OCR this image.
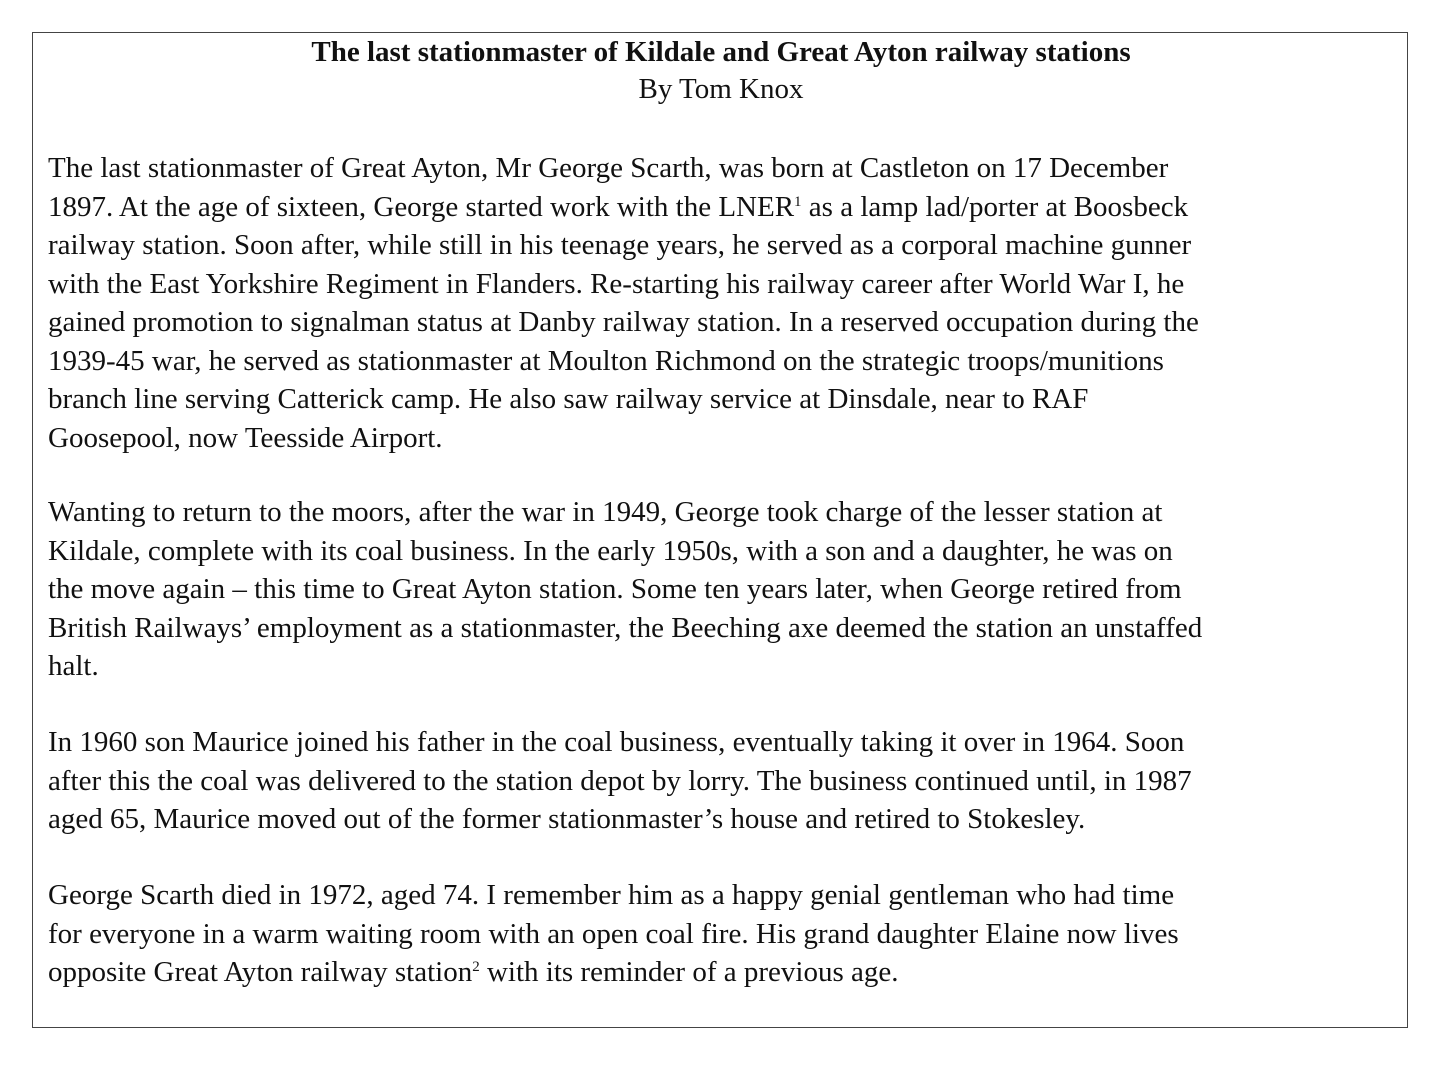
The last stationmaster of Kildale and Great Ayton railway stations
By Tom Knox

The last stationmaster of Great Ayton, Mr George Scarth, was born at Castleton on 17 December
1897. At the age of sixteen, George started work with the LNER$^1$ as a lamp lad/porter at Boosbeck
railway station. Soon after, while still in his teenage years, he served as a corporal machine gunner
with the East Yorkshire Regiment in Flanders. Re-starting his railway career after World War I, he
gained promotion to signalman status at Danby railway station. In a reserved occupation during the
1939-45 war, he served as stationmaster at Moulton Richmond on the strategic troops/munitions
branch line serving Catterick camp. He also saw railway service at Dinsdale, near to RAF
Goosepool, now Teesside Airport.

Wanting to return to the moors, after the war in 1949, George took charge of the lesser station at
Kildale, complete with its coal business. In the early 1950s, with a son and a daughter, he was on
the move again – this time to Great Ayton station. Some ten years later, when George retired from
British Railways’ employment as a stationmaster, the Beeching axe deemed the station an unstaffed
halt.

In 1960 son Maurice joined his father in the coal business, eventually taking it over in 1964. Soon
after this the coal was delivered to the station depot by lorry. The business continued until, in 1987
aged 65, Maurice moved out of the former stationmaster’s house and retired to Stokesley.

George Scarth died in 1972, aged 74. I remember him as a happy genial gentleman who had time
for everyone in a warm waiting room with an open coal fire. His grand daughter Elaine now lives
opposite Great Ayton railway station$^2$ with its reminder of a previous age.
